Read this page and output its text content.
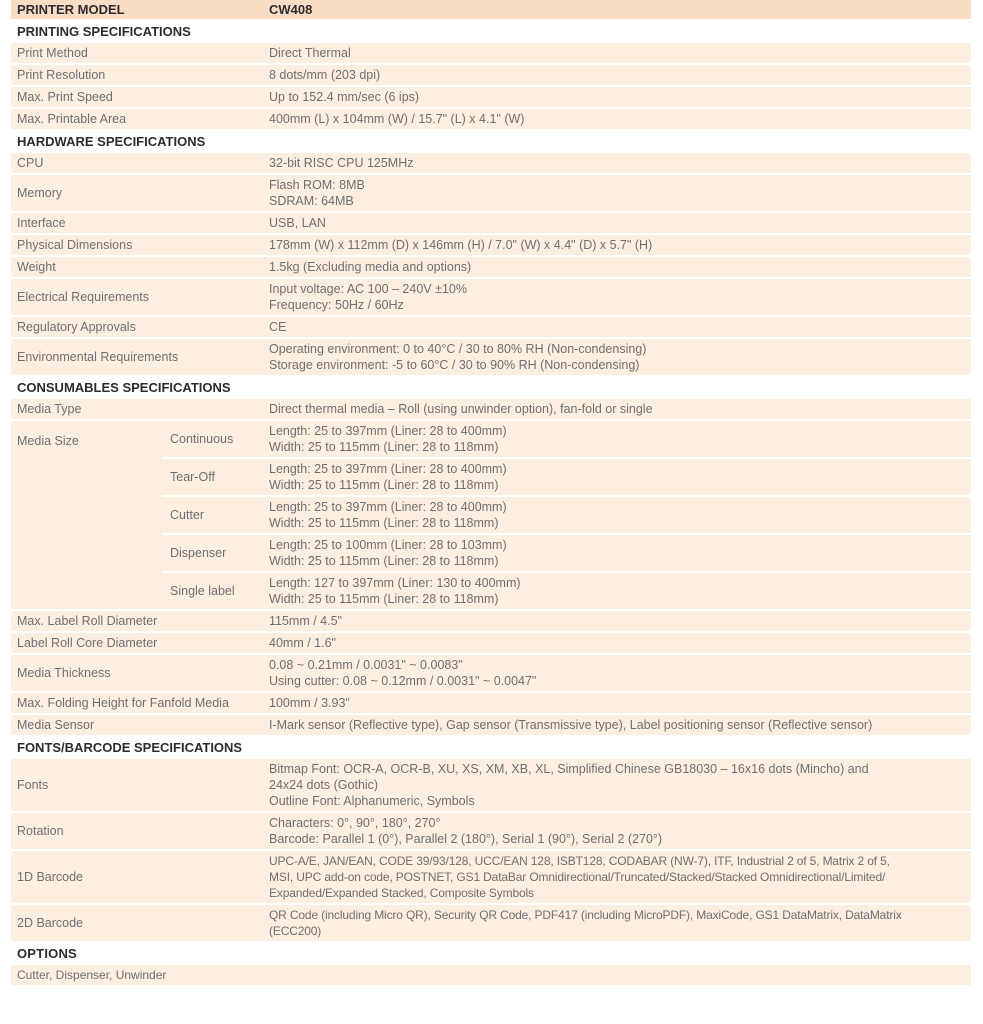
PRINTER MODEL		CW408
PRINTING SPECIFICATIONS		
Print Method		Direct Thermal

Print Resolution		8 dots/mm (203 dpi)

Max. Print Speed		Up to 152.4 mm/sec (6 ips)

Max. Printable Area		400mm (L) x 104mm (W) / 15.7" (L) x 4.1" (W)

HARDWARE SPECIFICATIONS		
CPU		32-bit RISC CPU 125MHz

Memory		Flash ROM: 8MB
SDRAM: 64MB

Interface		USB, LAN

Physical Dimensions		178mm (W) x 112mm (D) x 146mm (H) / 7.0" (W) x 4.4" (D) x 5.7" (H)

Weight		1.5kg (Excluding media and options)

Electrical Requirements		Input voltage: AC 100 – 240V ±10%
Frequency: 50Hz / 60Hz

Regulatory Approvals		CE

Environmental Requirements		Operating environment: 0 to 40°C / 30 to 80% RH (Non-condensing)
Storage environment: -5 to 60°C / 30 to 90% RH (Non-condensing)

CONSUMABLES SPECIFICATIONS		
Media Type		Direct thermal media – Roll (using unwinder option), fan-fold or single

Media Size	Continuous	Length: 25 to 397mm (Liner: 28 to 400mm)
Width: 25 to 115mm (Liner: 28 to 118mm)

	Tear-Off	Length: 25 to 397mm (Liner: 28 to 400mm)
Width: 25 to 115mm (Liner: 28 to 118mm)

	Cutter	Length: 25 to 397mm (Liner: 28 to 400mm)
Width: 25 to 115mm (Liner: 28 to 118mm)

	Dispenser	Length: 25 to 100mm (Liner: 28 to 103mm)
Width: 25 to 115mm (Liner: 28 to 118mm)

	Single label	Length: 127 to 397mm (Liner: 130 to 400mm)
Width: 25 to 115mm (Liner: 28 to 118mm)

Max. Label Roll Diameter		115mm / 4.5"

Label Roll Core Diameter		40mm / 1.6"

Media Thickness		0.08 ~ 0.21mm / 0.0031" ~ 0.0083"
Using cutter: 0.08 ~ 0.12mm / 0.0031" ~ 0.0047"

Max. Folding Height for Fanfold Media		100mm / 3.93"

Media Sensor		I-Mark sensor (Reflective type), Gap sensor (Transmissive type), Label positioning sensor (Reflective sensor)

FONTS/BARCODE SPECIFICATIONS		
Fonts		Bitmap Font: OCR-A, OCR-B, XU, XS, XM, XB, XL, Simplified Chinese GB18030 – 16x16 dots (Mincho) and
24x24 dots (Gothic)
Outline Font: Alphanumeric, Symbols

Rotation		Characters: 0°, 90°, 180°, 270°
Barcode: Parallel 1 (0°), Parallel 2 (180°), Serial 1 (90°), Serial 2 (270°)

1D Barcode		UPC-A/E, JAN/EAN, CODE 39/93/128, UCC/EAN 128, ISBT128, CODABAR (NW-7), ITF, Industrial 2 of 5, Matrix 2 of 5,
MSI, UPC add-on code, POSTNET, GS1 DataBar Omnidirectional/Truncated/Stacked/Stacked Omnidirectional/Limited/
Expanded/Expanded Stacked, Composite Symbols

2D Barcode		QR Code (including Micro QR), Security QR Code, PDF417 (including MicroPDF), MaxiCode, GS1 DataMatrix, DataMatrix
(ECC200)

OPTIONS		
Cutter, Dispenser, Unwinder		
